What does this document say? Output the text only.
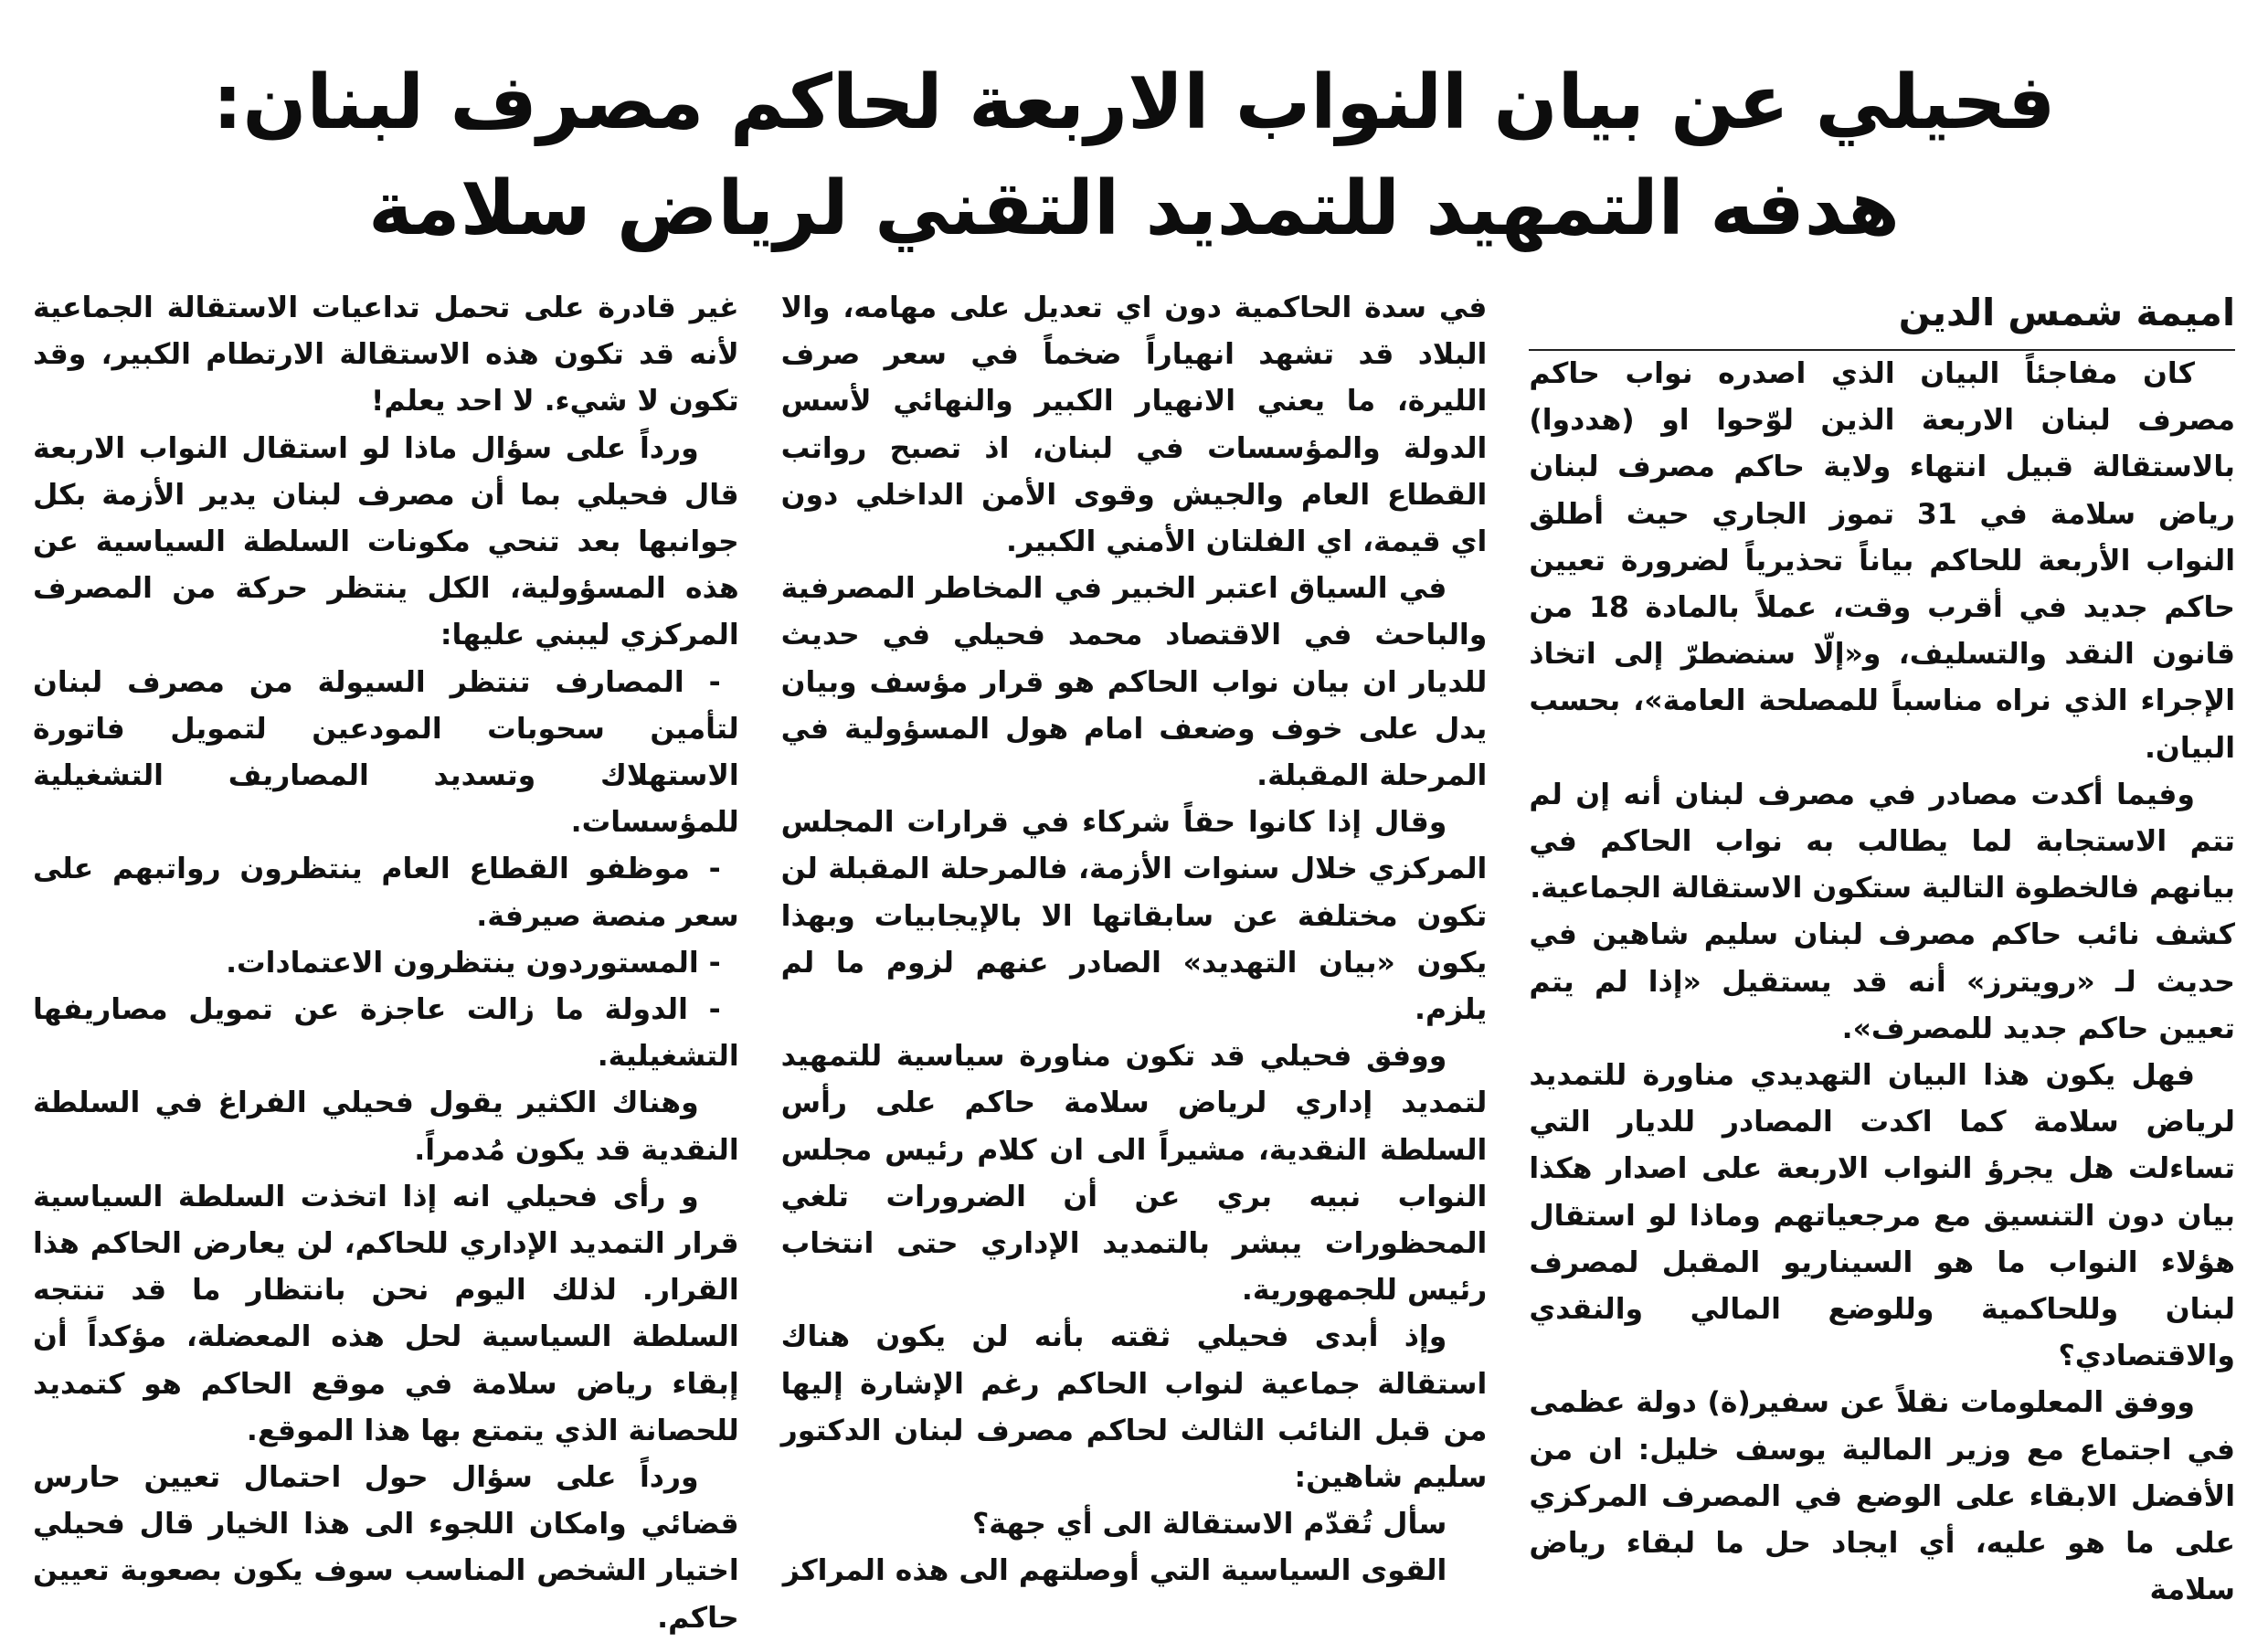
فحيلي عن بيان النواب الاربعة لحاكم مصرف لبنان:
هدفه التمهيد للتمديد التقني لرياض سلامة

اميمة شمس الدين

كان مفاجئاً البيان الذي اصدره نواب حاكم مصرف لبنان الاربعة الذين لوّحوا او (هددوا) بالاستقالة قبيل انتهاء ولاية حاكم مصرف لبنان رياض سلامة في 31 تموز الجاري حيث أطلق النواب الأربعة للحاكم بياناً تحذيرياً لضرورة تعيين حاكم جديد في أقرب وقت، عملاً بالمادة 18 من قانون النقد والتسليف، و«إلّا سنضطرّ إلى اتخاذ الإجراء الذي نراه مناسباً للمصلحة العامة»، بحسب البيان.

وفيما أكدت مصادر في مصرف لبنان أنه إن لم تتم الاستجابة لما يطالب به نواب الحاكم في بيانهم فالخطوة التالية ستكون الاستقالة الجماعية.

كشف نائب حاكم مصرف لبنان سليم شاهين في حديث لـ «رويترز» أنه قد يستقيل «إذا لم يتم تعيين حاكم جديد للمصرف».

فهل يكون هذا البيان التهديدي مناورة للتمديد لرياض سلامة كما اكدت المصادر للديار التي تساءلت هل يجرؤ النواب الاربعة على اصدار هكذا بيان دون التنسيق مع مرجعياتهم وماذا لو استقال هؤلاء النواب ما هو السيناريو المقبل لمصرف لبنان وللحاكمية وللوضع المالي والنقدي والاقتصادي؟

ووفق المعلومات نقلاً عن سفير(ة) دولة عظمى في اجتماع مع وزير المالية يوسف خليل: ان من الأفضل الابقاء على الوضع في المصرف المركزي على ما هو عليه، أي ايجاد حل ما لبقاء رياض سلامة

في سدة الحاكمية دون اي تعديل على مهامه، والا البلاد قد تشهد انهياراً ضخماً في سعر صرف الليرة، ما يعني الانهيار الكبير والنهائي لأسس الدولة والمؤسسات في لبنان، اذ تصبح رواتب القطاع العام والجيش وقوى الأمن الداخلي دون اي قيمة، اي الفلتان الأمني الكبير.

في السياق اعتبر الخبير في المخاطر المصرفية والباحث في الاقتصاد محمد فحيلي في حديث للديار ان بيان نواب الحاكم هو قرار مؤسف وبيان يدل على خوف وضعف امام هول المسؤولية في المرحلة المقبلة.

وقال إذا كانوا حقاً شركاء في قرارات المجلس المركزي خلال سنوات الأزمة، فالمرحلة المقبلة لن تكون مختلفة عن سابقاتها الا بالإيجابيات وبهذا يكون «بيان التهديد» الصادر عنهم لزوم ما لم يلزم.

ووفق فحيلي قد تكون مناورة سياسية للتمهيد لتمديد إداري لرياض سلامة حاكم على رأس السلطة النقدية، مشيراً الى ان كلام رئيس مجلس النواب نبيه بري عن أن الضرورات تلغي المحظورات يبشر بالتمديد الإداري حتى انتخاب رئيس للجمهورية.

وإذ أبدى فحيلي ثقته بأنه لن يكون هناك استقالة جماعية لنواب الحاكم رغم الإشارة إليها من قبل النائب الثالث لحاكم مصرف لبنان الدكتور سليم شاهين:

سأل تُقدّم الاستقالة الى أي جهة؟

القوى السياسية التي أوصلتهم الى هذه المراكز

غير قادرة على تحمل تداعيات الاستقالة الجماعية لأنه قد تكون هذه الاستقالة الارتطام الكبير، وقد تكون لا شيء. لا احد يعلم!

ورداً على سؤال ماذا لو استقال النواب الاربعة قال فحيلي بما أن مصرف لبنان يدير الأزمة بكل جوانبها بعد تنحي مكونات السلطة السياسية عن هذه المسؤولية، الكل ينتظر حركة من المصرف المركزي ليبني عليها:

- المصارف تنتظر السيولة من مصرف لبنان لتأمين سحوبات المودعين لتمويل فاتورة الاستهلاك وتسديد المصاريف التشغيلية للمؤسسات.

- موظفو القطاع العام ينتظرون رواتبهم على سعر منصة صيرفة.

- المستوردون ينتظرون الاعتمادات.

- الدولة ما زالت عاجزة عن تمويل مصاريفها التشغيلية.

وهناك الكثير يقول فحيلي الفراغ في السلطة النقدية قد يكون مُدمراً.

و رأى فحيلي انه إذا اتخذت السلطة السياسية قرار التمديد الإداري للحاكم، لن يعارض الحاكم هذا القرار. لذلك اليوم نحن بانتظار ما قد تنتجه السلطة السياسية لحل هذه المعضلة، مؤكداً أن إبقاء رياض سلامة في موقع الحاكم هو كتمديد للحصانة الذي يتمتع بها هذا الموقع.

ورداً على سؤال حول احتمال تعيين حارس قضائي وامكان اللجوء الى هذا الخيار قال فحيلي اختيار الشخص المناسب سوف يكون بصعوبة تعيين حاكم.
